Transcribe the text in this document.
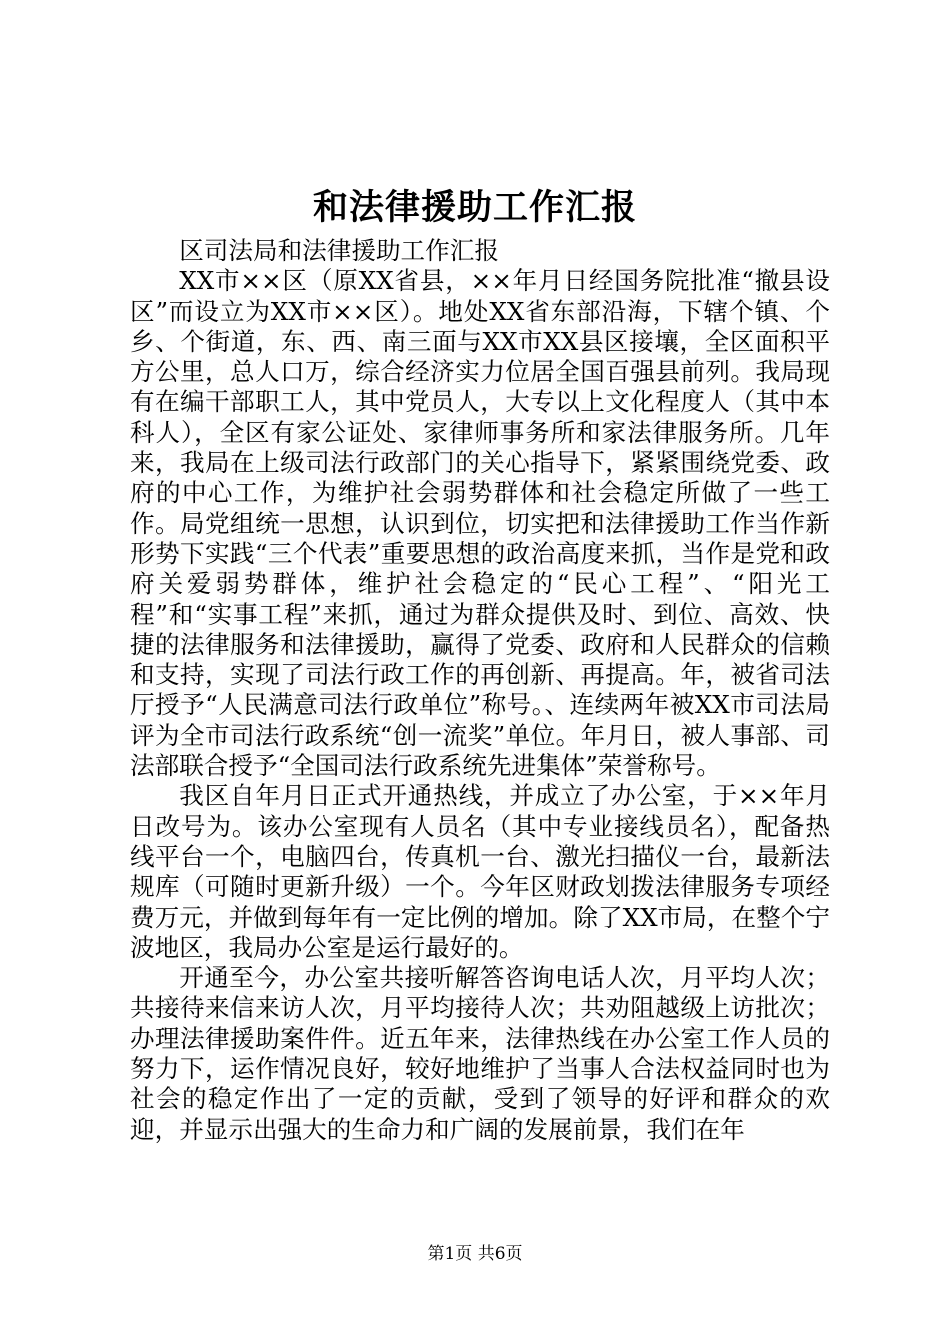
和法律援助工作汇报

区司法局和法律援助工作汇报

XX市××区（原XX省县，××年月日经国务院批准“撤县设区”而设立为XX市××区）。地处XX省东部沿海，下辖个镇、个乡、个街道，东、西、南三面与XX市XX县区接壤，全区面积平方公里，总人口万，综合经济实力位居全国百强县前列。我局现有在编干部职工人，其中党员人，大专以上文化程度人（其中本科人），全区有家公证处、家律师事务所和家法律服务所。几年来，我局在上级司法行政部门的关心指导下，紧紧围绕党委、政府的中心工作，为维护社会弱势群体和社会稳定所做了一些工作。局党组统一思想，认识到位，切实把和法律援助工作当作新形势下实践“三个代表”重要思想的政治高度来抓，当作是党和政府关爱弱势群体，维护社会稳定的“民心工程”、“阳光工程”和“实事工程”来抓，通过为群众提供及时、到位、高效、快捷的法律服务和法律援助，赢得了党委、政府和人民群众的信赖和支持，实现了司法行政工作的再创新、再提高。年，被省司法厅授予“人民满意司法行政单位”称号。、连续两年被XX市司法局评为全市司法行政系统“创一流奖”单位。年月日，被人事部、司法部联合授予“全国司法行政系统先进集体”荣誉称号。

我区自年月日正式开通热线，并成立了办公室，于××年月日改号为。该办公室现有人员名（其中专业接线员名），配备热线平台一个，电脑四台，传真机一台、激光扫描仪一台，最新法规库（可随时更新升级）一个。今年区财政划拨法律服务专项经费万元，并做到每年有一定比例的增加。除了XX市局，在整个宁波地区，我局办公室是运行最好的。

开通至今，办公室共接听解答咨询电话人次，月平均人次；共接待来信来访人次，月平均接待人次；共劝阻越级上访批次；办理法律援助案件件。近五年来，法律热线在办公室工作人员的努力下，运作情况良好，较好地维护了当事人合法权益同时也为社会的稳定作出了一定的贡献，受到了领导的好评和群众的欢迎，并显示出强大的生命力和广阔的发展前景，我们在年

第1页 共6页
